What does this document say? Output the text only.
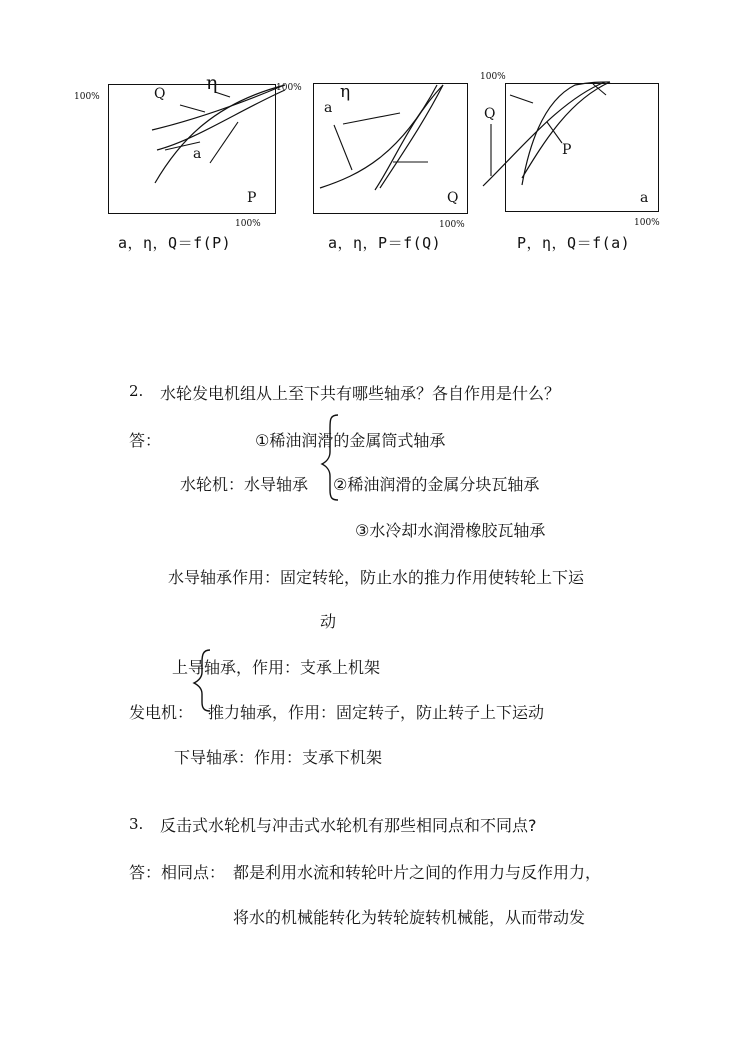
100%
100%
100%
Q η
a
P
a，η，Q＝f(P)
100%
η
a
Q
a，η，P＝f(Q)
100%
100%
Q
P
a
P，η，Q＝f(a)
2. 水轮发电机组从上至下共有哪些轴承？各自作用是什么？
答：	①稀油润滑的金属筒式轴承
水轮机：水导轴承 ②稀油润滑的金属分块瓦轴承
③水冷却水润滑橡胶瓦轴承
水导轴承作用：固定转轮，防止水的推力作用使转轮上下运
动
上导轴承，作用：支承上机架
发电机： 推力轴承，作用：固定转子，防止转子上下运动
下导轴承：作用：支承下机架
3. 反击式水轮机与冲击式水轮机有那些相同点和不同点?
答：相同点： 都是利用水流和转轮叶片之间的作用力与反作用力，
将水的机械能转化为转轮旋转机械能，从而带动发
